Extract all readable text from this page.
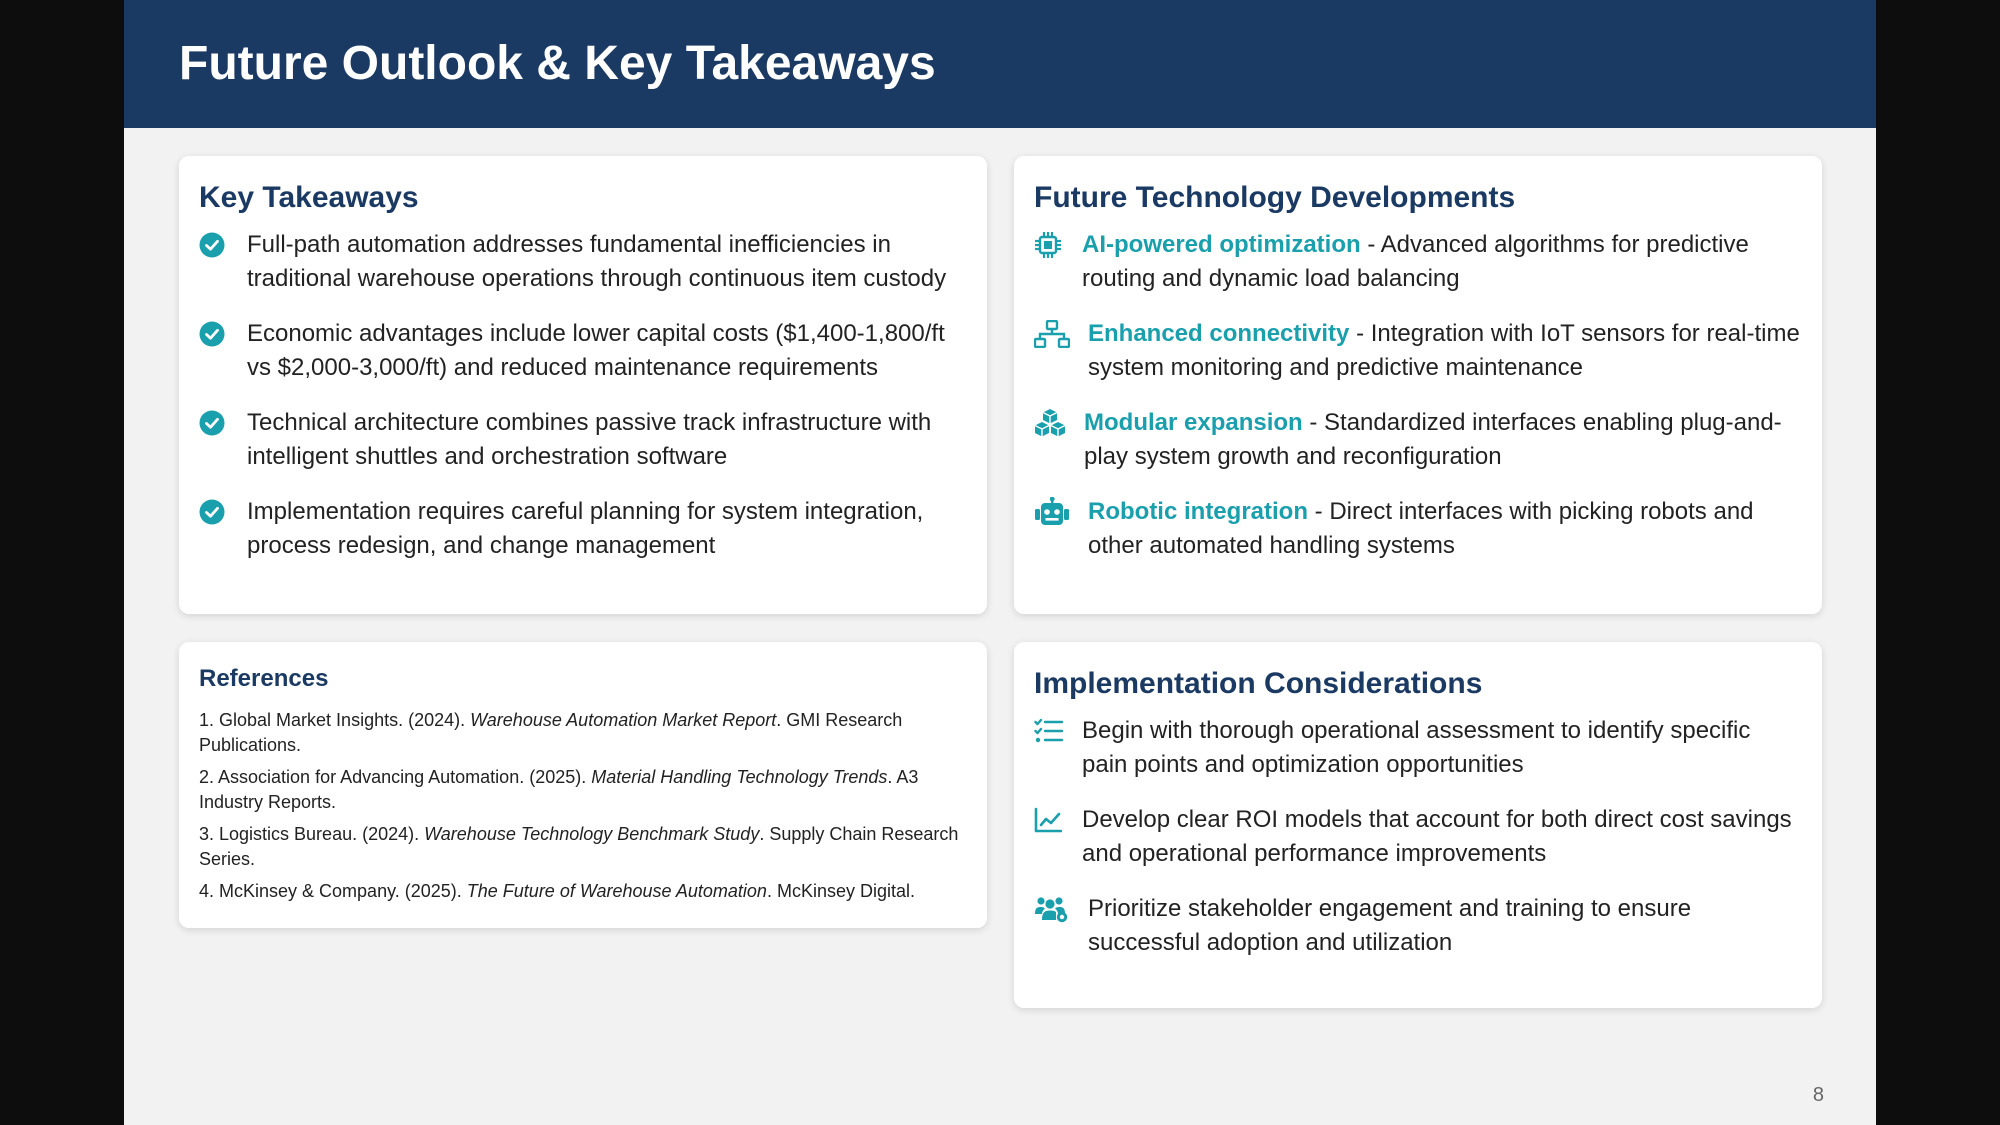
Future Outlook & Key Takeaways
Key Takeaways
Full-path automation addresses fundamental inefficiencies in traditional warehouse operations through continuous item custody
Economic advantages include lower capital costs ($1,400-1,800/ft vs $2,000-3,000/ft) and reduced maintenance requirements
Technical architecture combines passive track infrastructure with intelligent shuttles and orchestration software
Implementation requires careful planning for system integration, process redesign, and change management
Future Technology Developments
AI-powered optimization - Advanced algorithms for predictive routing and dynamic load balancing
Enhanced connectivity - Integration with IoT sensors for real-time system monitoring and predictive maintenance
Modular expansion - Standardized interfaces enabling plug-and-play system growth and reconfiguration
Robotic integration - Direct interfaces with picking robots and other automated handling systems
References
1. Global Market Insights. (2024). Warehouse Automation Market Report. GMI Research Publications.
2. Association for Advancing Automation. (2025). Material Handling Technology Trends. A3 Industry Reports.
3. Logistics Bureau. (2024). Warehouse Technology Benchmark Study. Supply Chain Research Series.
4. McKinsey & Company. (2025). The Future of Warehouse Automation. McKinsey Digital.
Implementation Considerations
Begin with thorough operational assessment to identify specific pain points and optimization opportunities
Develop clear ROI models that account for both direct cost savings and operational performance improvements
Prioritize stakeholder engagement and training to ensure successful adoption and utilization
8
